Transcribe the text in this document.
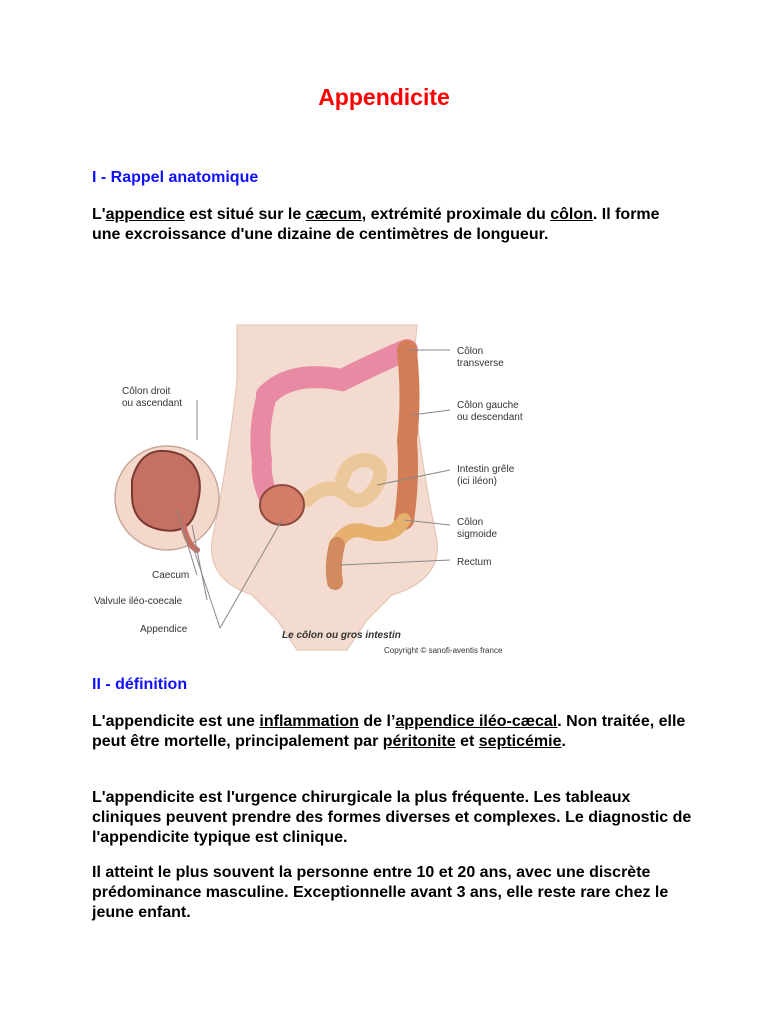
Appendicite
I - Rappel anatomique

L'appendice est situé sur le cæcum, extrémité proximale du côlon. Il forme une excroissance d'une dizaine de centimètres de longueur.

Côlon droit
ou ascendant
Caecum
Valvule iléo-coecale
Appendice
Côlon
transverse
Côlon gauche
ou descendant
Intestin grêle
(ici iléon)
Côlon
sigmoide
Rectum
Le côlon ou gros intestin
Copyright © sanofi-aventis france
II - définition

L'appendicite est une inflammation de l’appendice iléo-cæcal. Non traitée, elle peut être mortelle, principalement par péritonite et septicémie.

L'appendicite est l'urgence chirurgicale la plus fréquente. Les tableaux cliniques peuvent prendre des formes diverses et complexes. Le diagnostic de l'appendicite typique est clinique.

Il atteint le plus souvent la personne entre 10 et 20 ans, avec une discrète prédominance masculine. Exceptionnelle avant 3 ans, elle reste rare chez le jeune enfant.
